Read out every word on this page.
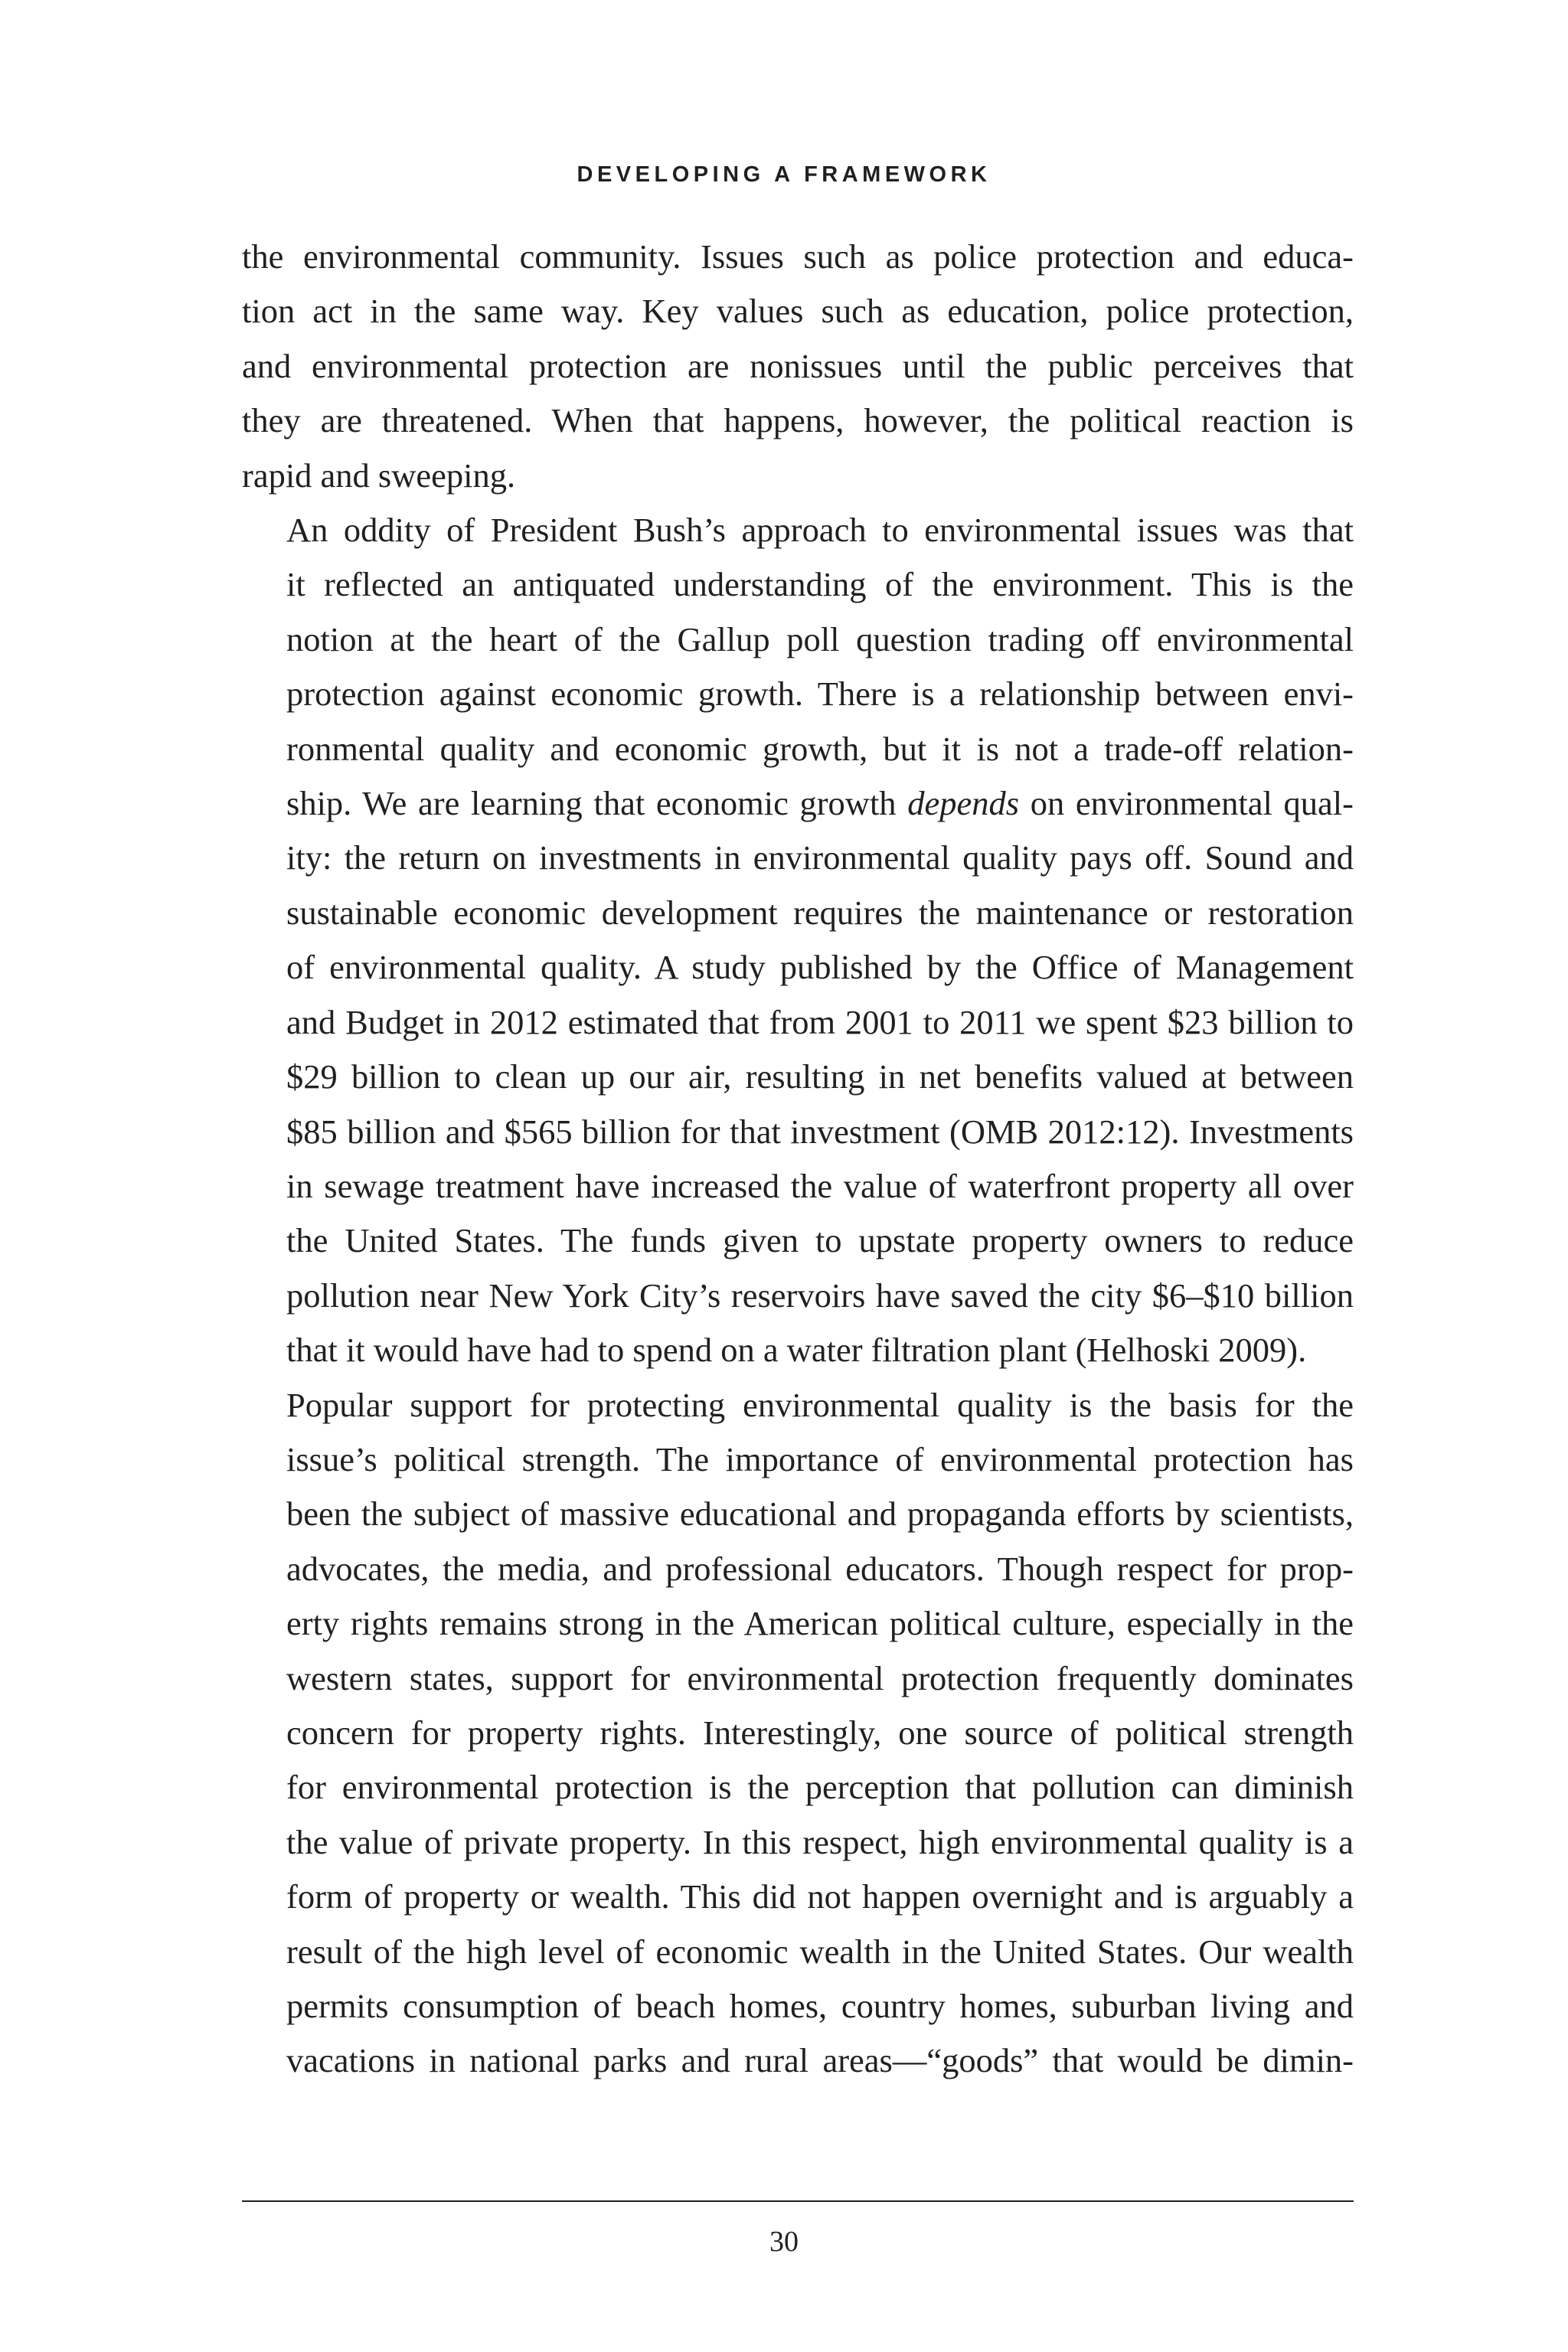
DEVELOPING A FRAMEWORK

the environmental community. Issues such as police protection and educa-
tion act in the same way. Key values such as education, police protection,
and environmental protection are nonissues until the public perceives that
they are threatened. When that happens, however, the political reaction is
rapid and sweeping.

An oddity of President Bush’s approach to environmental issues was that
it reflected an antiquated understanding of the environment. This is the
notion at the heart of the Gallup poll question trading off environmental
protection against economic growth. There is a relationship between envi-
ronmental quality and economic growth, but it is not a trade-off relation-
ship. We are learning that economic growth depends on environmental qual-
ity: the return on investments in environmental quality pays off. Sound and
sustainable economic development requires the maintenance or restoration
of environmental quality. A study published by the Office of Management
and Budget in 2012 estimated that from 2001 to 2011 we spent $23 billion to
$29 billion to clean up our air, resulting in net benefits valued at between
$85 billion and $565 billion for that investment (OMB 2012:12). Investments
in sewage treatment have increased the value of waterfront property all over
the United States. The funds given to upstate property owners to reduce
pollution near New York City’s reservoirs have saved the city $6–$10 billion
that it would have had to spend on a water filtration plant (Helhoski 2009).

Popular support for protecting environmental quality is the basis for the
issue’s political strength. The importance of environmental protection has
been the subject of massive educational and propaganda efforts by scientists,
advocates, the media, and professional educators. Though respect for prop-
erty rights remains strong in the American political culture, especially in the
western states, support for environmental protection frequently dominates
concern for property rights. Interestingly, one source of political strength
for environmental protection is the perception that pollution can diminish
the value of private property. In this respect, high environmental quality is a
form of property or wealth. This did not happen overnight and is arguably a
result of the high level of economic wealth in the United States. Our wealth
permits consumption of beach homes, country homes, suburban living and
vacations in national parks and rural areas—“goods” that would be dimin-

30
